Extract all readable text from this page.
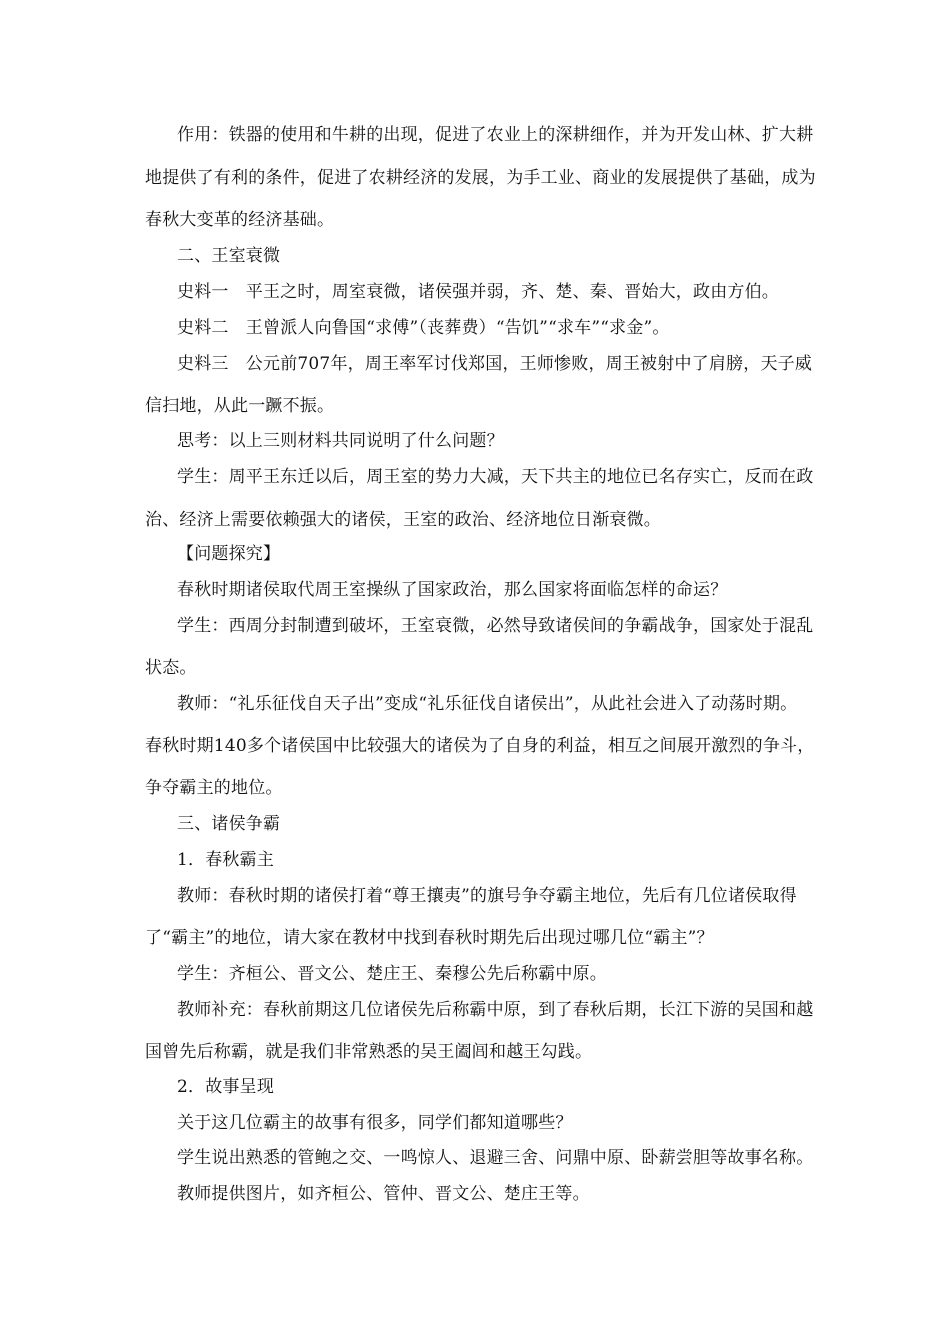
作用：铁器的使用和牛耕的出现，促进了农业上的深耕细作，并为开发山林、扩大耕
地提供了有利的条件，促进了农耕经济的发展，为手工业、商业的发展提供了基础，成为
春秋大变革的经济基础。
二、王室衰微
史料一　平王之时，周室衰微，诸侯强并弱，齐、楚、秦、晋始大，政由方伯。
史料二　王曾派人向鲁国“求傅”（丧葬费）“告饥”“求车”“求金”。
史料三　公元前707年，周王率军讨伐郑国，王师惨败，周王被射中了肩膀，天子威
信扫地，从此一蹶不振。
思考：以上三则材料共同说明了什么问题？
学生：周平王东迁以后，周王室的势力大减，天下共主的地位已名存实亡，反而在政
治、经济上需要依赖强大的诸侯，王室的政治、经济地位日渐衰微。
【问题探究】
春秋时期诸侯取代周王室操纵了国家政治，那么国家将面临怎样的命运？
学生：西周分封制遭到破坏，王室衰微，必然导致诸侯间的争霸战争，国家处于混乱
状态。
教师：“礼乐征伐自天子出”变成“礼乐征伐自诸侯出”，从此社会进入了动荡时期。
春秋时期140多个诸侯国中比较强大的诸侯为了自身的利益，相互之间展开激烈的争斗，
争夺霸主的地位。
三、诸侯争霸
1．春秋霸主
教师：春秋时期的诸侯打着“尊王攘夷”的旗号争夺霸主地位，先后有几位诸侯取得
了“霸主”的地位，请大家在教材中找到春秋时期先后出现过哪几位“霸主”？
学生：齐桓公、晋文公、楚庄王、秦穆公先后称霸中原。
教师补充：春秋前期这几位诸侯先后称霸中原，到了春秋后期，长江下游的吴国和越
国曾先后称霸，就是我们非常熟悉的吴王阖闾和越王勾践。
2．故事呈现
关于这几位霸主的故事有很多，同学们都知道哪些？
学生说出熟悉的管鲍之交、一鸣惊人、退避三舍、问鼎中原、卧薪尝胆等故事名称。
教师提供图片，如齐桓公、管仲、晋文公、楚庄王等。
